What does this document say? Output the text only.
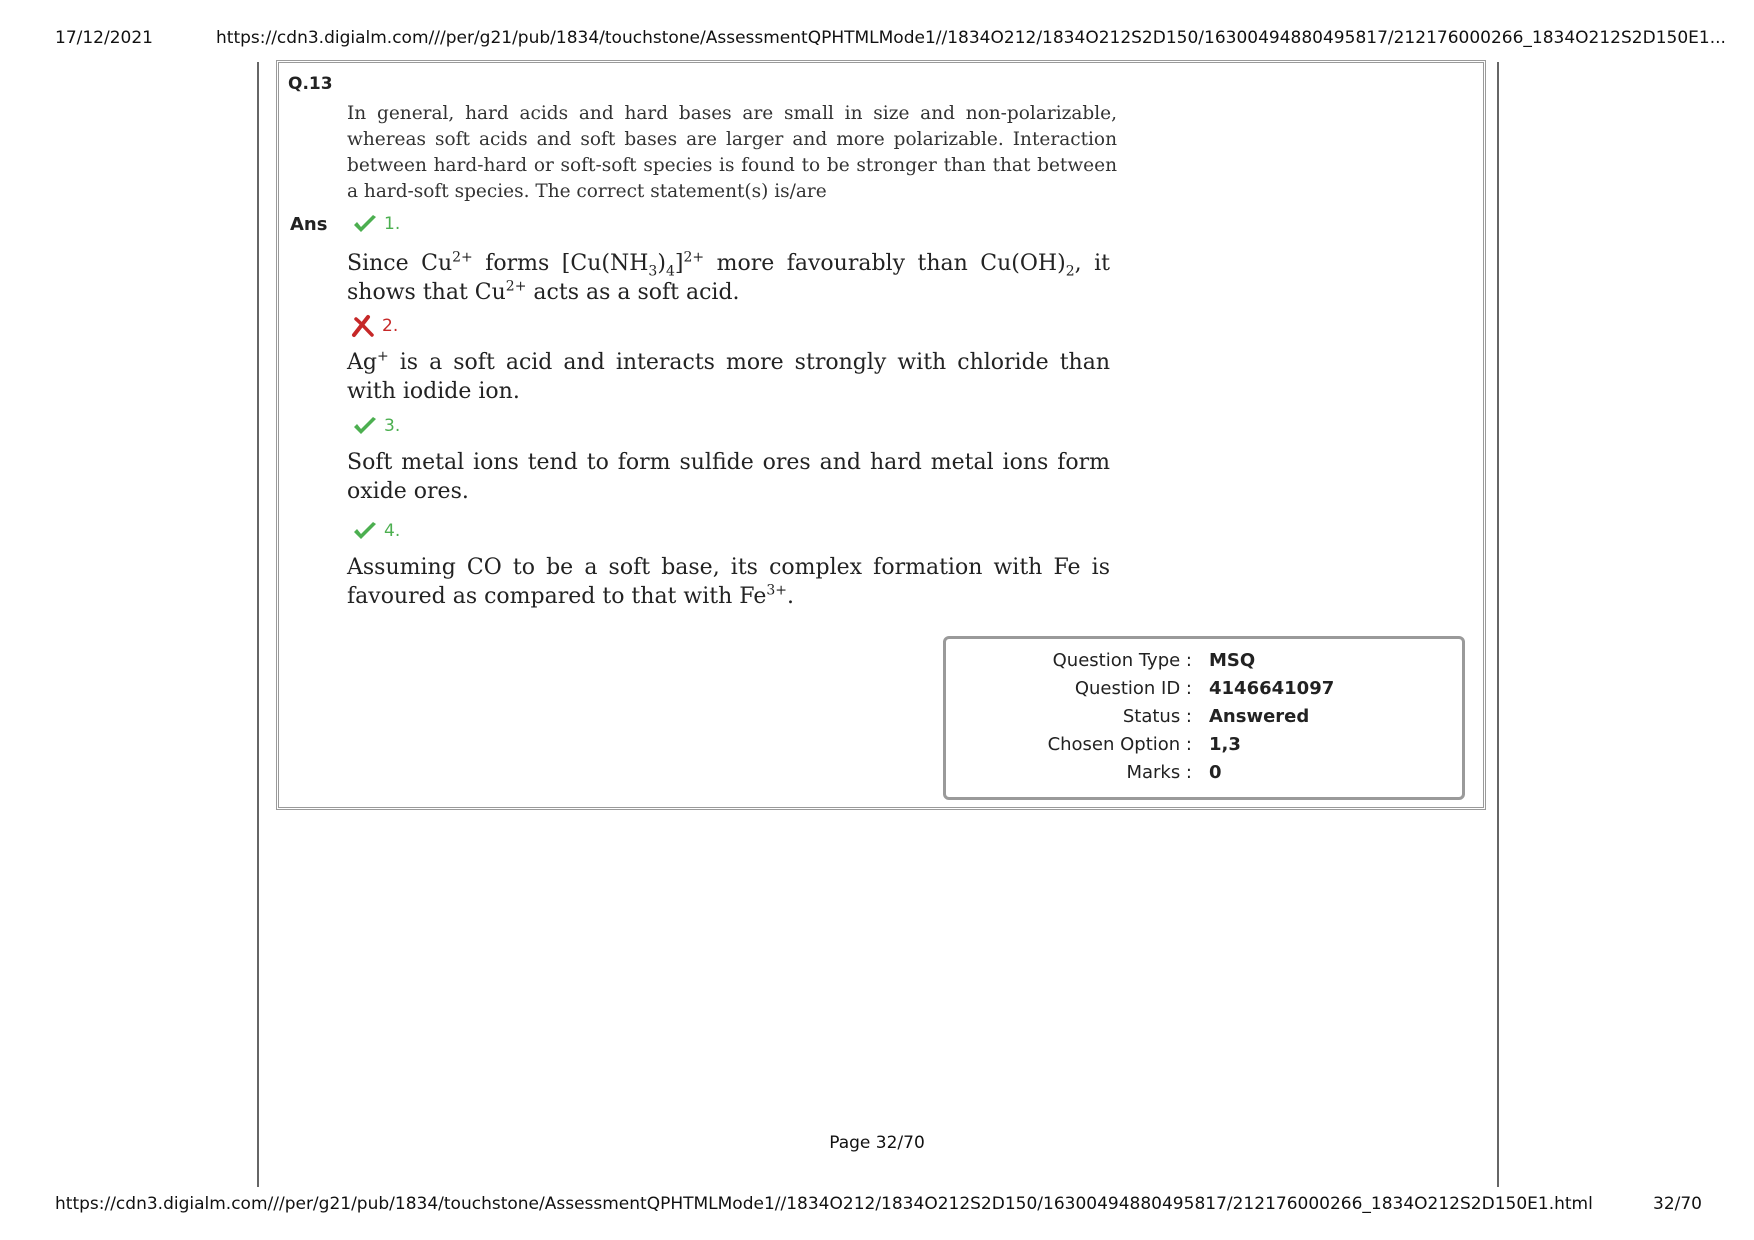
17/12/2021	https://cdn3.digialm.com///per/g21/pub/1834/touchstone/AssessmentQPHTMLMode1//1834O212/1834O212S2D150/16300494880495817/212176000266_1834O212S2D150E1...
Q.13
In general, hard acids and hard bases are small in size and non-polarizable, whereas soft acids and soft bases are larger and more polarizable. Interaction between hard-hard or soft-soft species is found to be stronger than that between a hard-soft species. The correct statement(s) is/are
Ans	1.
Since $Cu^{2+}$ forms $[Cu(NH_3)_4]^{2+}$ more favourably than $Cu(OH)_2$, it shows that $Cu^{2+}$ acts as a soft acid.
2.
Ag+ is a soft acid and interacts more strongly with chloride than with iodide ion.
3.
Soft metal ions tend to form sulfide ores and hard metal ions form oxide ores.
4.
Assuming CO to be a soft base, its complex formation with Fe is favoured as compared to that with $Fe^{3+}$.
Question Type : MSQ
Question ID : 4146641097
Status : Answered
Chosen Option : 1,3
Marks : 0
Page 32/70
https://cdn3.digialm.com///per/g21/pub/1834/touchstone/AssessmentQPHTMLMode1//1834O212/1834O212S2D150/16300494880495817/212176000266_1834O212S2D150E1.html	32/70
